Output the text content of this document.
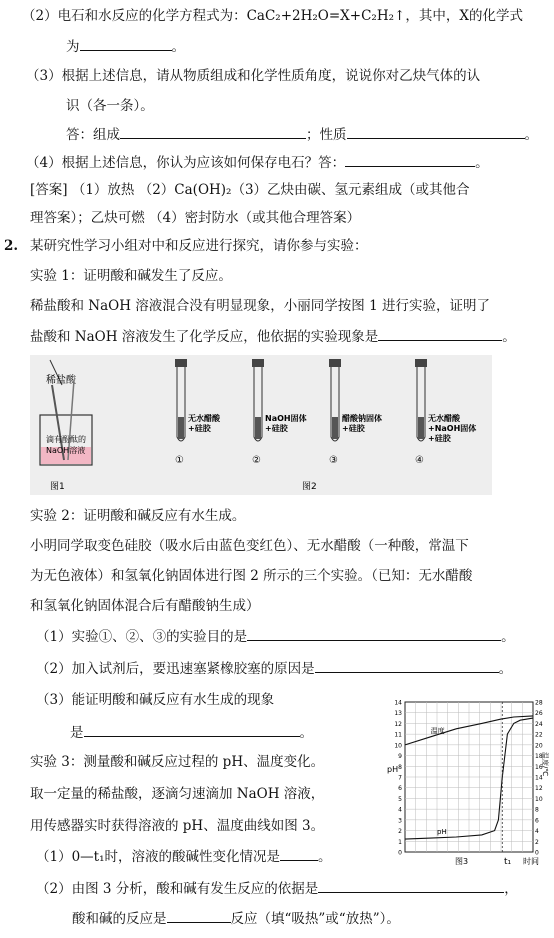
（2）电石和水反应的化学方程式为：CaC₂+2H₂O=X+C₂H₂↑，其中，X的化学式
为	。
（3）根据上述信息，请从物质组成和化学性质角度，说说你对乙炔气体的认
识（各一条）。
答：组成	；性质	。
（4）根据上述信息，你认为应该如何保存电石？答：	。
[答案] （1）放热 （2）Ca(OH)₂（3）乙炔由碳、氢元素组成（或其他合
理答案）；乙炔可燃 （4）密封防水（或其他合理答案）
2. 某研究性学习小组对中和反应进行探究，请你参与实验：
实验 1：证明酸和碱发生了反应。
稀盐酸和 NaOH 溶液混合没有明显现象，小丽同学按图 1 进行实验，证明了
盐酸和 NaOH 溶液发生了化学反应，他依据的实验现象是	。
稀盐酸
滴有酚酞的
NaOH溶液
图1
无水醋酸
+硅胶
①
NaOH固体
+硅胶
②
醋酸钠固体
+硅胶
③
无水醋酸
+NaOH固体
+硅胶
④
图2
实验 2：证明酸和碱反应有水生成。
小明同学取变色硅胶（吸水后由蓝色变红色）、无水醋酸（一种酸，常温下
为无色液体）和氢氧化钠固体进行图 2 所示的三个实验。（已知：无水醋酸
和氢氧化钠固体混合后有醋酸钠生成）
（1）实验①、②、③的实验目的是	。
（2）加入试剂后，要迅速塞紧橡胶塞的原因是	。
（3）能证明酸和碱反应有水生成的现象
是	。
实验 3：测量酸和碱反应过程的 pH、温度变化。
取一定量的稀盐酸，逐滴匀速滴加 NaOH 溶液，
用传感器实时获得溶液的 pH、温度曲线如图 3。
（1）0—t₁时，溶液的酸碱性变化情况是	。
（2）由图 3 分析，酸和碱有发生反应的依据是	，
酸和碱的反应是	反应（填“吸热”或“放热”）。
0
1
2
3
4
5
6
7
8
9
10
11
12
13
14
0
2
4
6
8
10
12
14
16
18
20
22
24
26
28
温度
pH
pH	温度/℃
图3	t₁ 时间
